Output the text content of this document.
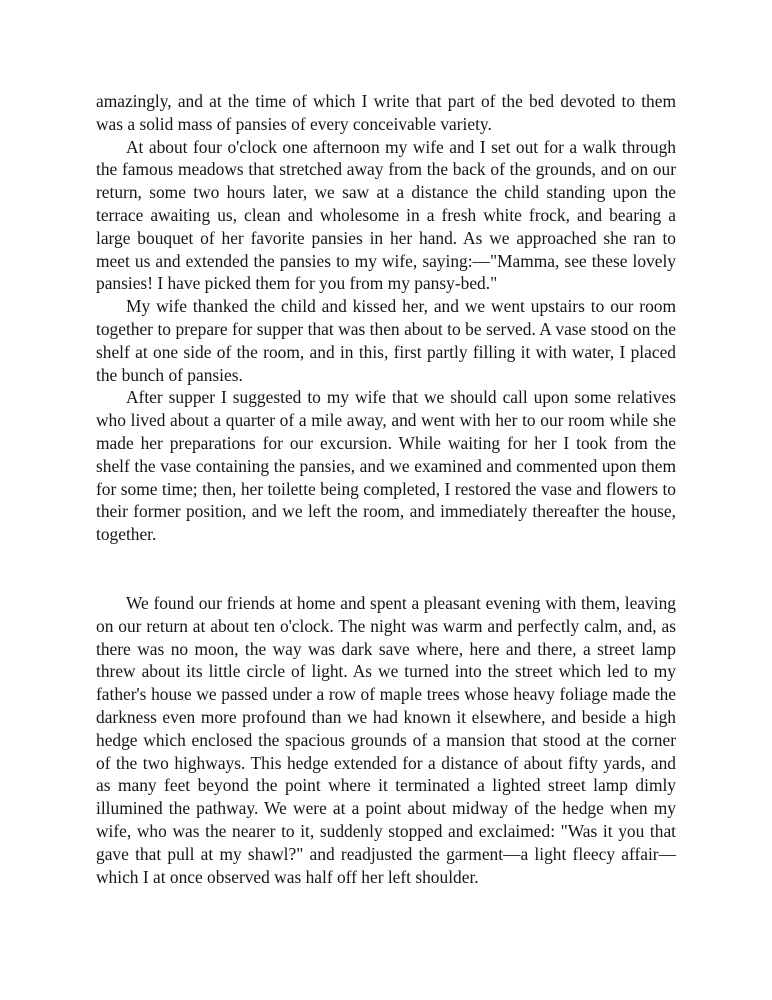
amazingly, and at the time of which I write that part of the bed devoted to them was a solid mass of pansies of every conceivable variety.

At about four o'clock one afternoon my wife and I set out for a walk through the famous meadows that stretched away from the back of the grounds, and on our return, some two hours later, we saw at a distance the child standing upon the terrace awaiting us, clean and wholesome in a fresh white frock, and bearing a large bouquet of her favorite pansies in her hand. As we approached she ran to meet us and extended the pansies to my wife, saying:—"Mamma, see these lovely pansies! I have picked them for you from my pansy-bed."

My wife thanked the child and kissed her, and we went upstairs to our room together to prepare for supper that was then about to be served. A vase stood on the shelf at one side of the room, and in this, first partly filling it with water, I placed the bunch of pansies.

After supper I suggested to my wife that we should call upon some relatives who lived about a quarter of a mile away, and went with her to our room while she made her preparations for our excursion. While waiting for her I took from the shelf the vase containing the pansies, and we examined and commented upon them for some time; then, her toilette being completed, I restored the vase and flowers to their former position, and we left the room, and immediately thereafter the house, together.

We found our friends at home and spent a pleasant evening with them, leaving on our return at about ten o'clock. The night was warm and perfectly calm, and, as there was no moon, the way was dark save where, here and there, a street lamp threw about its little circle of light. As we turned into the street which led to my father's house we passed under a row of maple trees whose heavy foliage made the darkness even more profound than we had known it elsewhere, and beside a high hedge which enclosed the spacious grounds of a mansion that stood at the corner of the two highways. This hedge extended for a distance of about fifty yards, and as many feet beyond the point where it terminated a lighted street lamp dimly illumined the pathway. We were at a point about midway of the hedge when my wife, who was the nearer to it, suddenly stopped and exclaimed: "Was it you that gave that pull at my shawl?" and readjusted the garment—a light fleecy affair—which I at once observed was half off her left shoulder.
